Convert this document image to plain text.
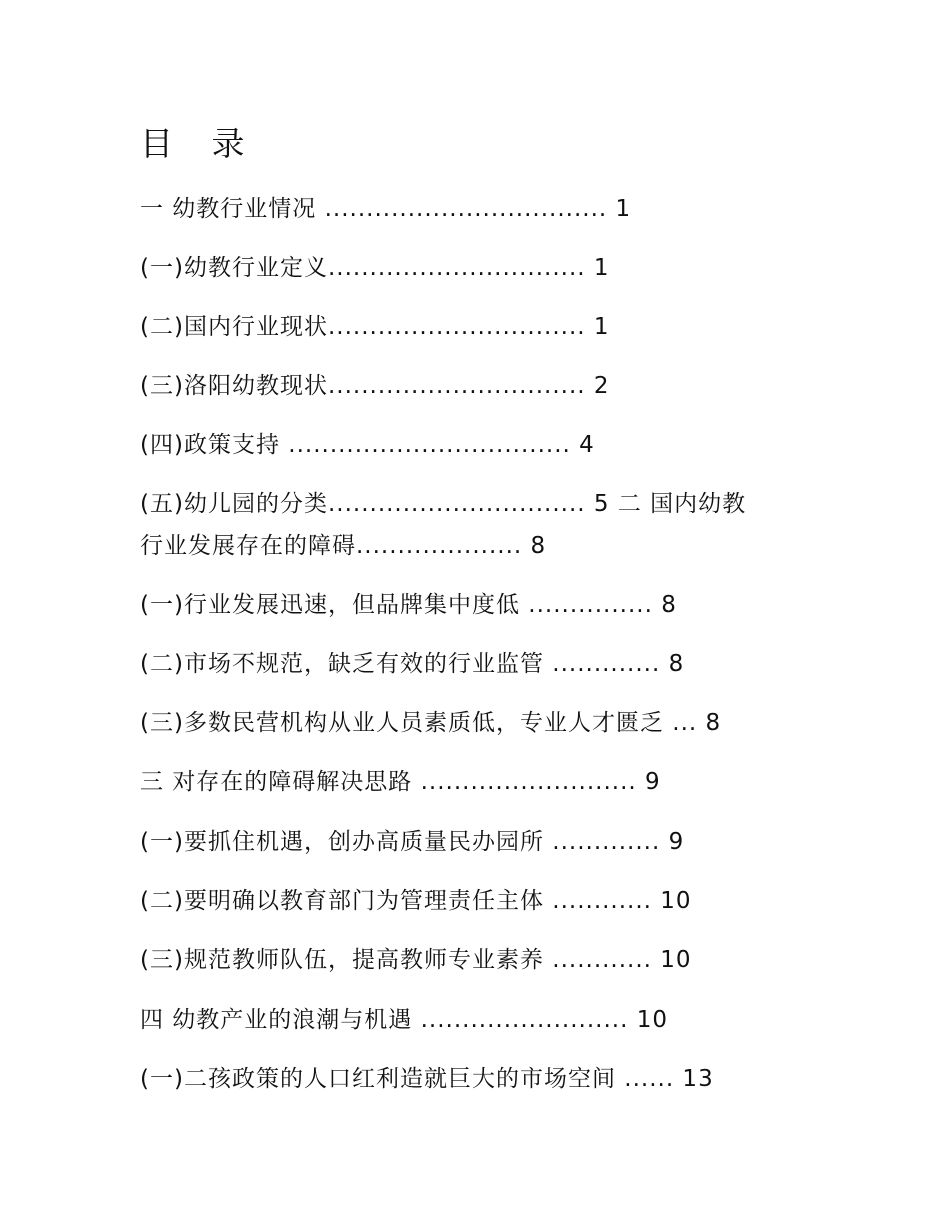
目 录
一 幼教行业情况 .................................. 1
(一)幼教行业定义............................... 1
(二)国内行业现状............................... 1
(三)洛阳幼教现状............................... 2
(四)政策支持 .................................. 4
(五)幼儿园的分类............................... 5 二 国内幼教
行业发展存在的障碍.................... 8
(一)行业发展迅速，但品牌集中度低 ............... 8
(二)市场不规范，缺乏有效的行业监管 ............. 8
(三)多数民营机构从业人员素质低，专业人才匮乏 ... 8
三 对存在的障碍解决思路 .......................... 9
(一)要抓住机遇，创办高质量民办园所 ............. 9
(二)要明确以教育部门为管理责任主体 ............ 10
(三)规范教师队伍，提高教师专业素养 ............ 10
四 幼教产业的浪潮与机遇 ......................... 10
(一)二孩政策的人口红利造就巨大的市场空间 ...... 13
